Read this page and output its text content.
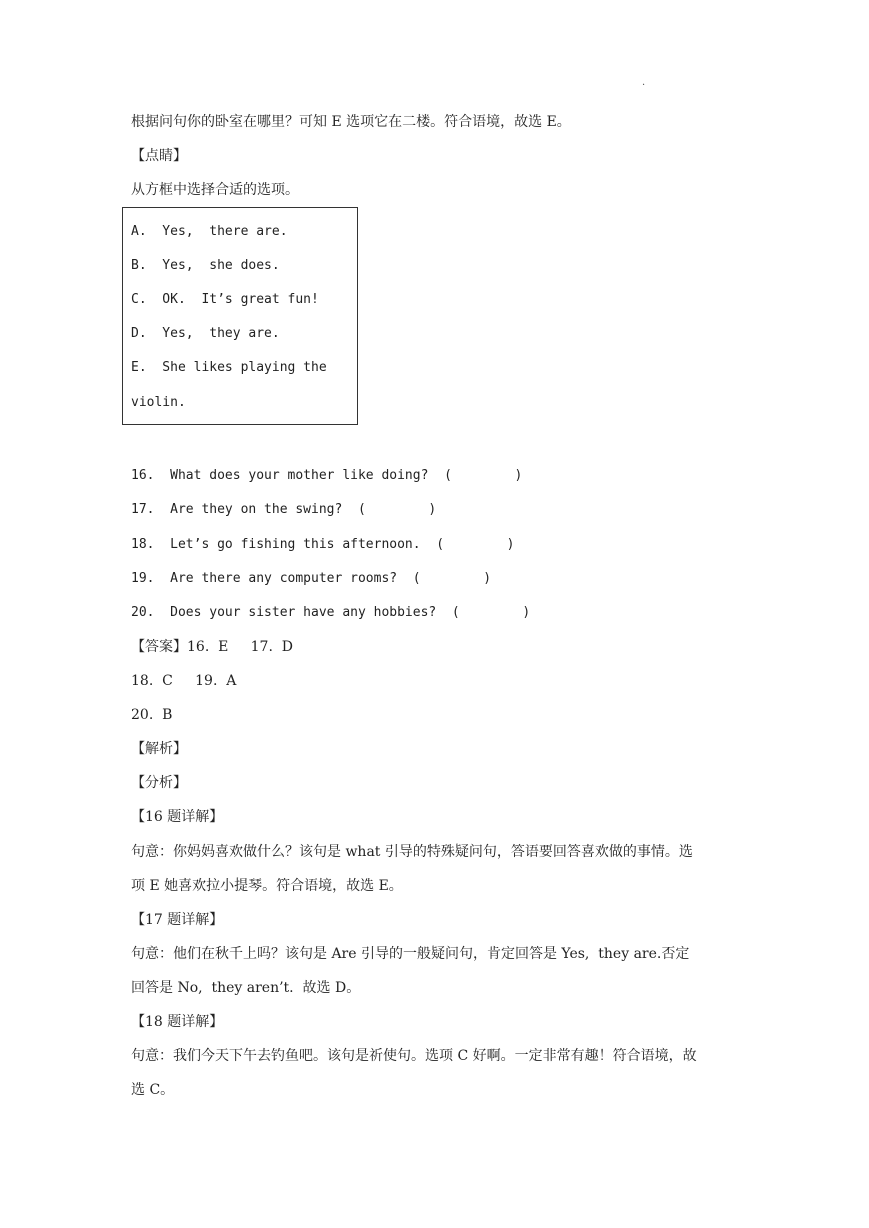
·
根据问句你的卧室在哪里？可知 E 选项它在二楼。符合语境，故选 E。
【点睛】
从方框中选择合适的选项。
A.  Yes,  there are.
B.  Yes,  she does.
C.  OK.  It’s great fun!
D.  Yes,  they are.
E.  She likes playing the
violin.
16.  What does your mother like doing?  (        )
17.  Are they on the swing?  (        )
18.  Let’s go fishing this afternoon.  (        )
19.  Are there any computer rooms?  (        )
20.  Does your sister have any hobbies?  (        )
【答案】16.  E     17.  D
18.  C     19.  A
20.  B
【解析】
【分析】
【16 题详解】
句意：你妈妈喜欢做什么？该句是 what 引导的特殊疑问句，答语要回答喜欢做的事情。选
项 E 她喜欢拉小提琴。符合语境，故选 E。
【17 题详解】
句意：他们在秋千上吗？该句是 Are 引导的一般疑问句，肯定回答是 Yes,  they are.否定
回答是 No,  they aren’t.  故选 D。
【18 题详解】
句意：我们今天下午去钓鱼吧。该句是祈使句。选项 C 好啊。一定非常有趣！符合语境，故
选 C。
